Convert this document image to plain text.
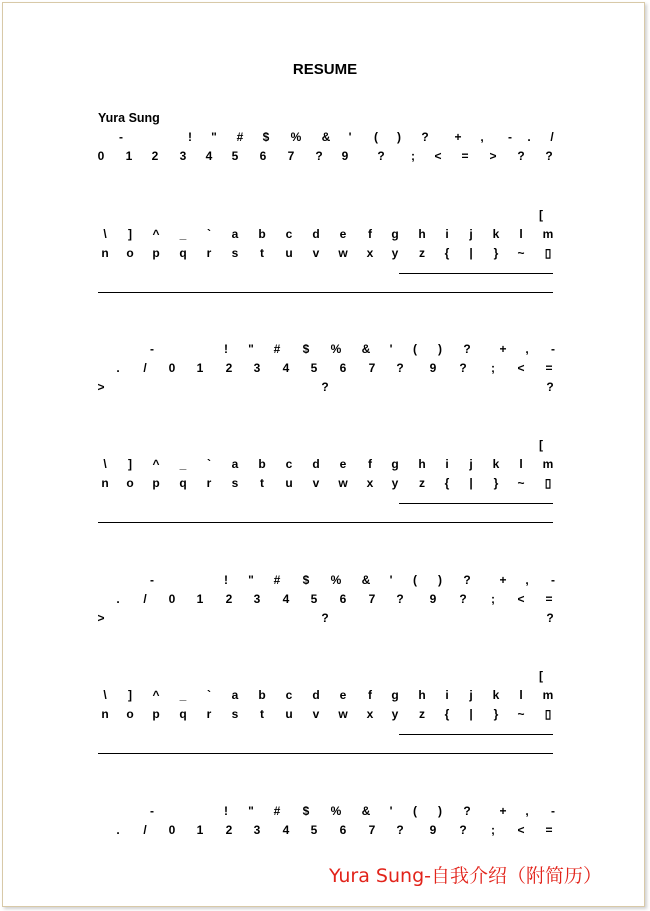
RESUME
Yura Sung
-	!	"	#	$	% &	'	(	)	? +	,	-	.	/
0	1	2	3	4	5	6	7	?	9	?	;	< = > ? ?
[
\	]	^	_	`	a	b	c	d	e	f	g h	i	j	k	l	m
n o p q	r	s	t	u	v	w	x	y	z	{	|	}	~	▯
[
\	]	^	_	`	a	b	c	d	e	f	g h	i	j	k	l	m
n o p q	r	s	t	u	v	w	x	y	z	{	|	}	~	▯
[
\	]	^	_	`	a	b	c	d	e	f	g h	i	j	k	l	m
n o p q	r	s	t	u	v	w	x	y	z	{	|	}	~	▯
-	!	"	#	$	% &	'	(	)	? +	,	-
.	/	0	1	2	3	4	5	6	7	?	9	?	;	< =
>	?	?
-	!	"	#	$	% &	'	(	)	? +	,	-
.	/	0	1	2	3	4	5	6	7	?	9	?	;	< =
>	?	?
-	!	"	#	$	% &	'	(	)	? +	,	-
.	/	0	1	2	3	4	5	6	7	?	9	?	;	< =
Yura Sung-自我介绍（附简历）
